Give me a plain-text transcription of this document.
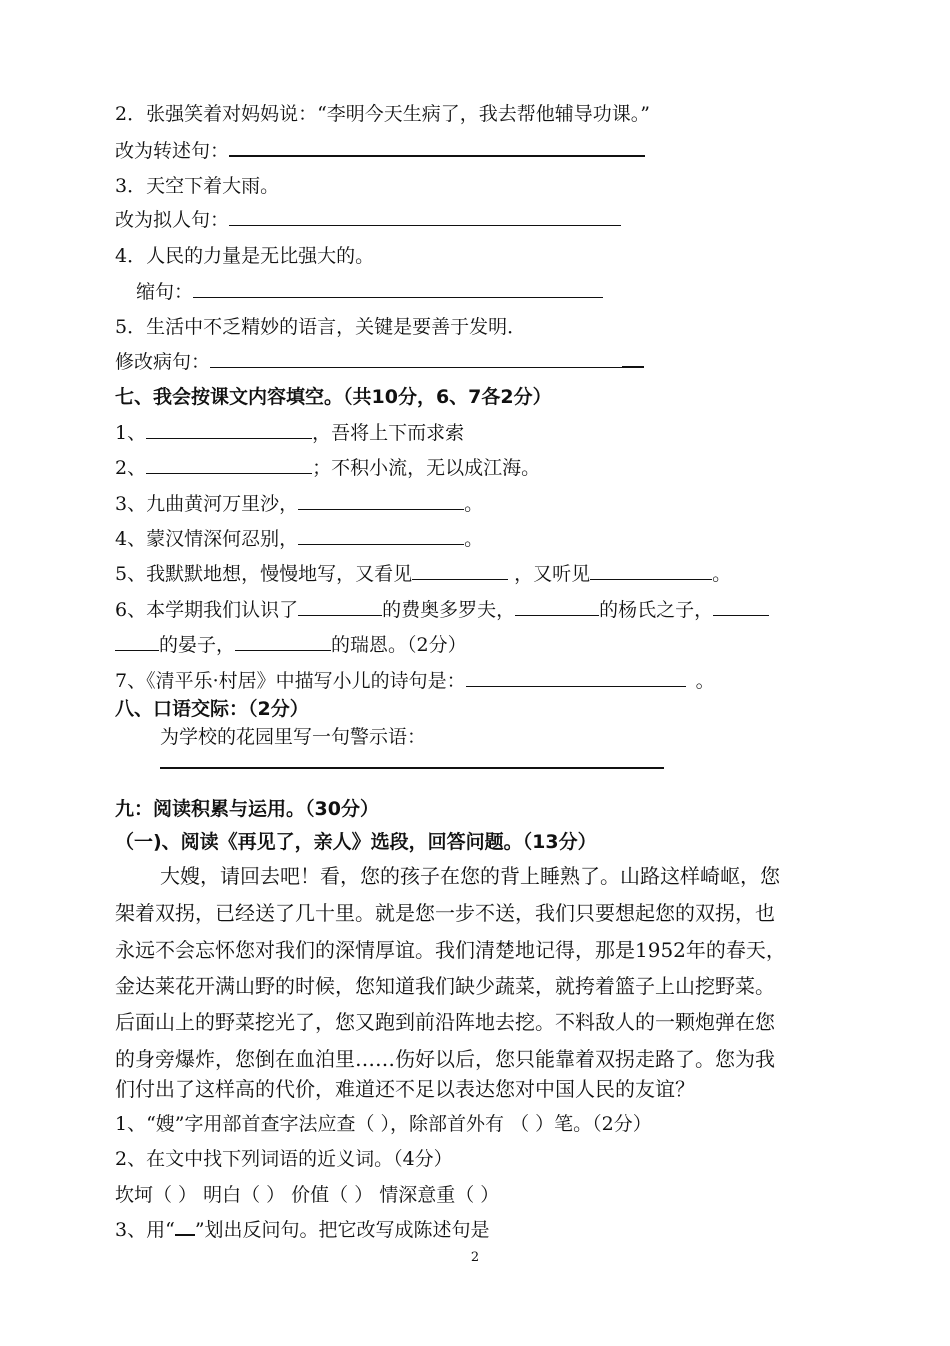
2．张强笑着对妈妈说：“李明今天生病了，我去帮他辅导功课。”
改为转述句：
3．天空下着大雨。
改为拟人句：
4．人民的力量是无比强大的。
缩句：
5．生活中不乏精妙的语言，关键是要善于发明．
修改病句：
七、我会按课文内容填空。（共10分，6、7各2分）
1、	，吾将上下而求索
2、	；不积小流，无以成江海。
3、九曲黄河万里沙，	。
4、蒙汉情深何忍别，	。
5、我默默地想，慢慢地写，又看见	，又听见	。
6、本学期我们认识了	的费奥多罗夫，	的杨氏之子，
的晏子，	的瑞恩。（2分）
7、《清平乐·村居》中描写小儿的诗句是：	。
八、口语交际：（2分）
为学校的花园里写一句警示语：
九：阅读积累与运用。（30分）
（一)、阅读《再见了，亲人》选段，回答问题。（13分）
大嫂，请回去吧！看，您的孩子在您的背上睡熟了。山路这样崎岖，您
架着双拐，已经送了几十里。就是您一步不送，我们只要想起您的双拐，也
永远不会忘怀您对我们的深情厚谊。我们清楚地记得，那是1952年的春天，
金达莱花开满山野的时候，您知道我们缺少蔬菜，就挎着篮子上山挖野菜。
后面山上的野菜挖光了，您又跑到前沿阵地去挖。不料敌人的一颗炮弹在您
的身旁爆炸，您倒在血泊里……伤好以后，您只能靠着双拐走路了。您为我
们付出了这样高的代价，难道还不足以表达您对中国人民的友谊？
1、“嫂”字用部首查字法应查（ ），除部首外有 （ ）笔。（2分）
2、在文中找下列词语的近义词。（4分）
坎坷（ ） 明白（ ） 价值（ ） 情深意重（ ）
3、用“ ”划出反问句。把它改写成陈述句是
2
